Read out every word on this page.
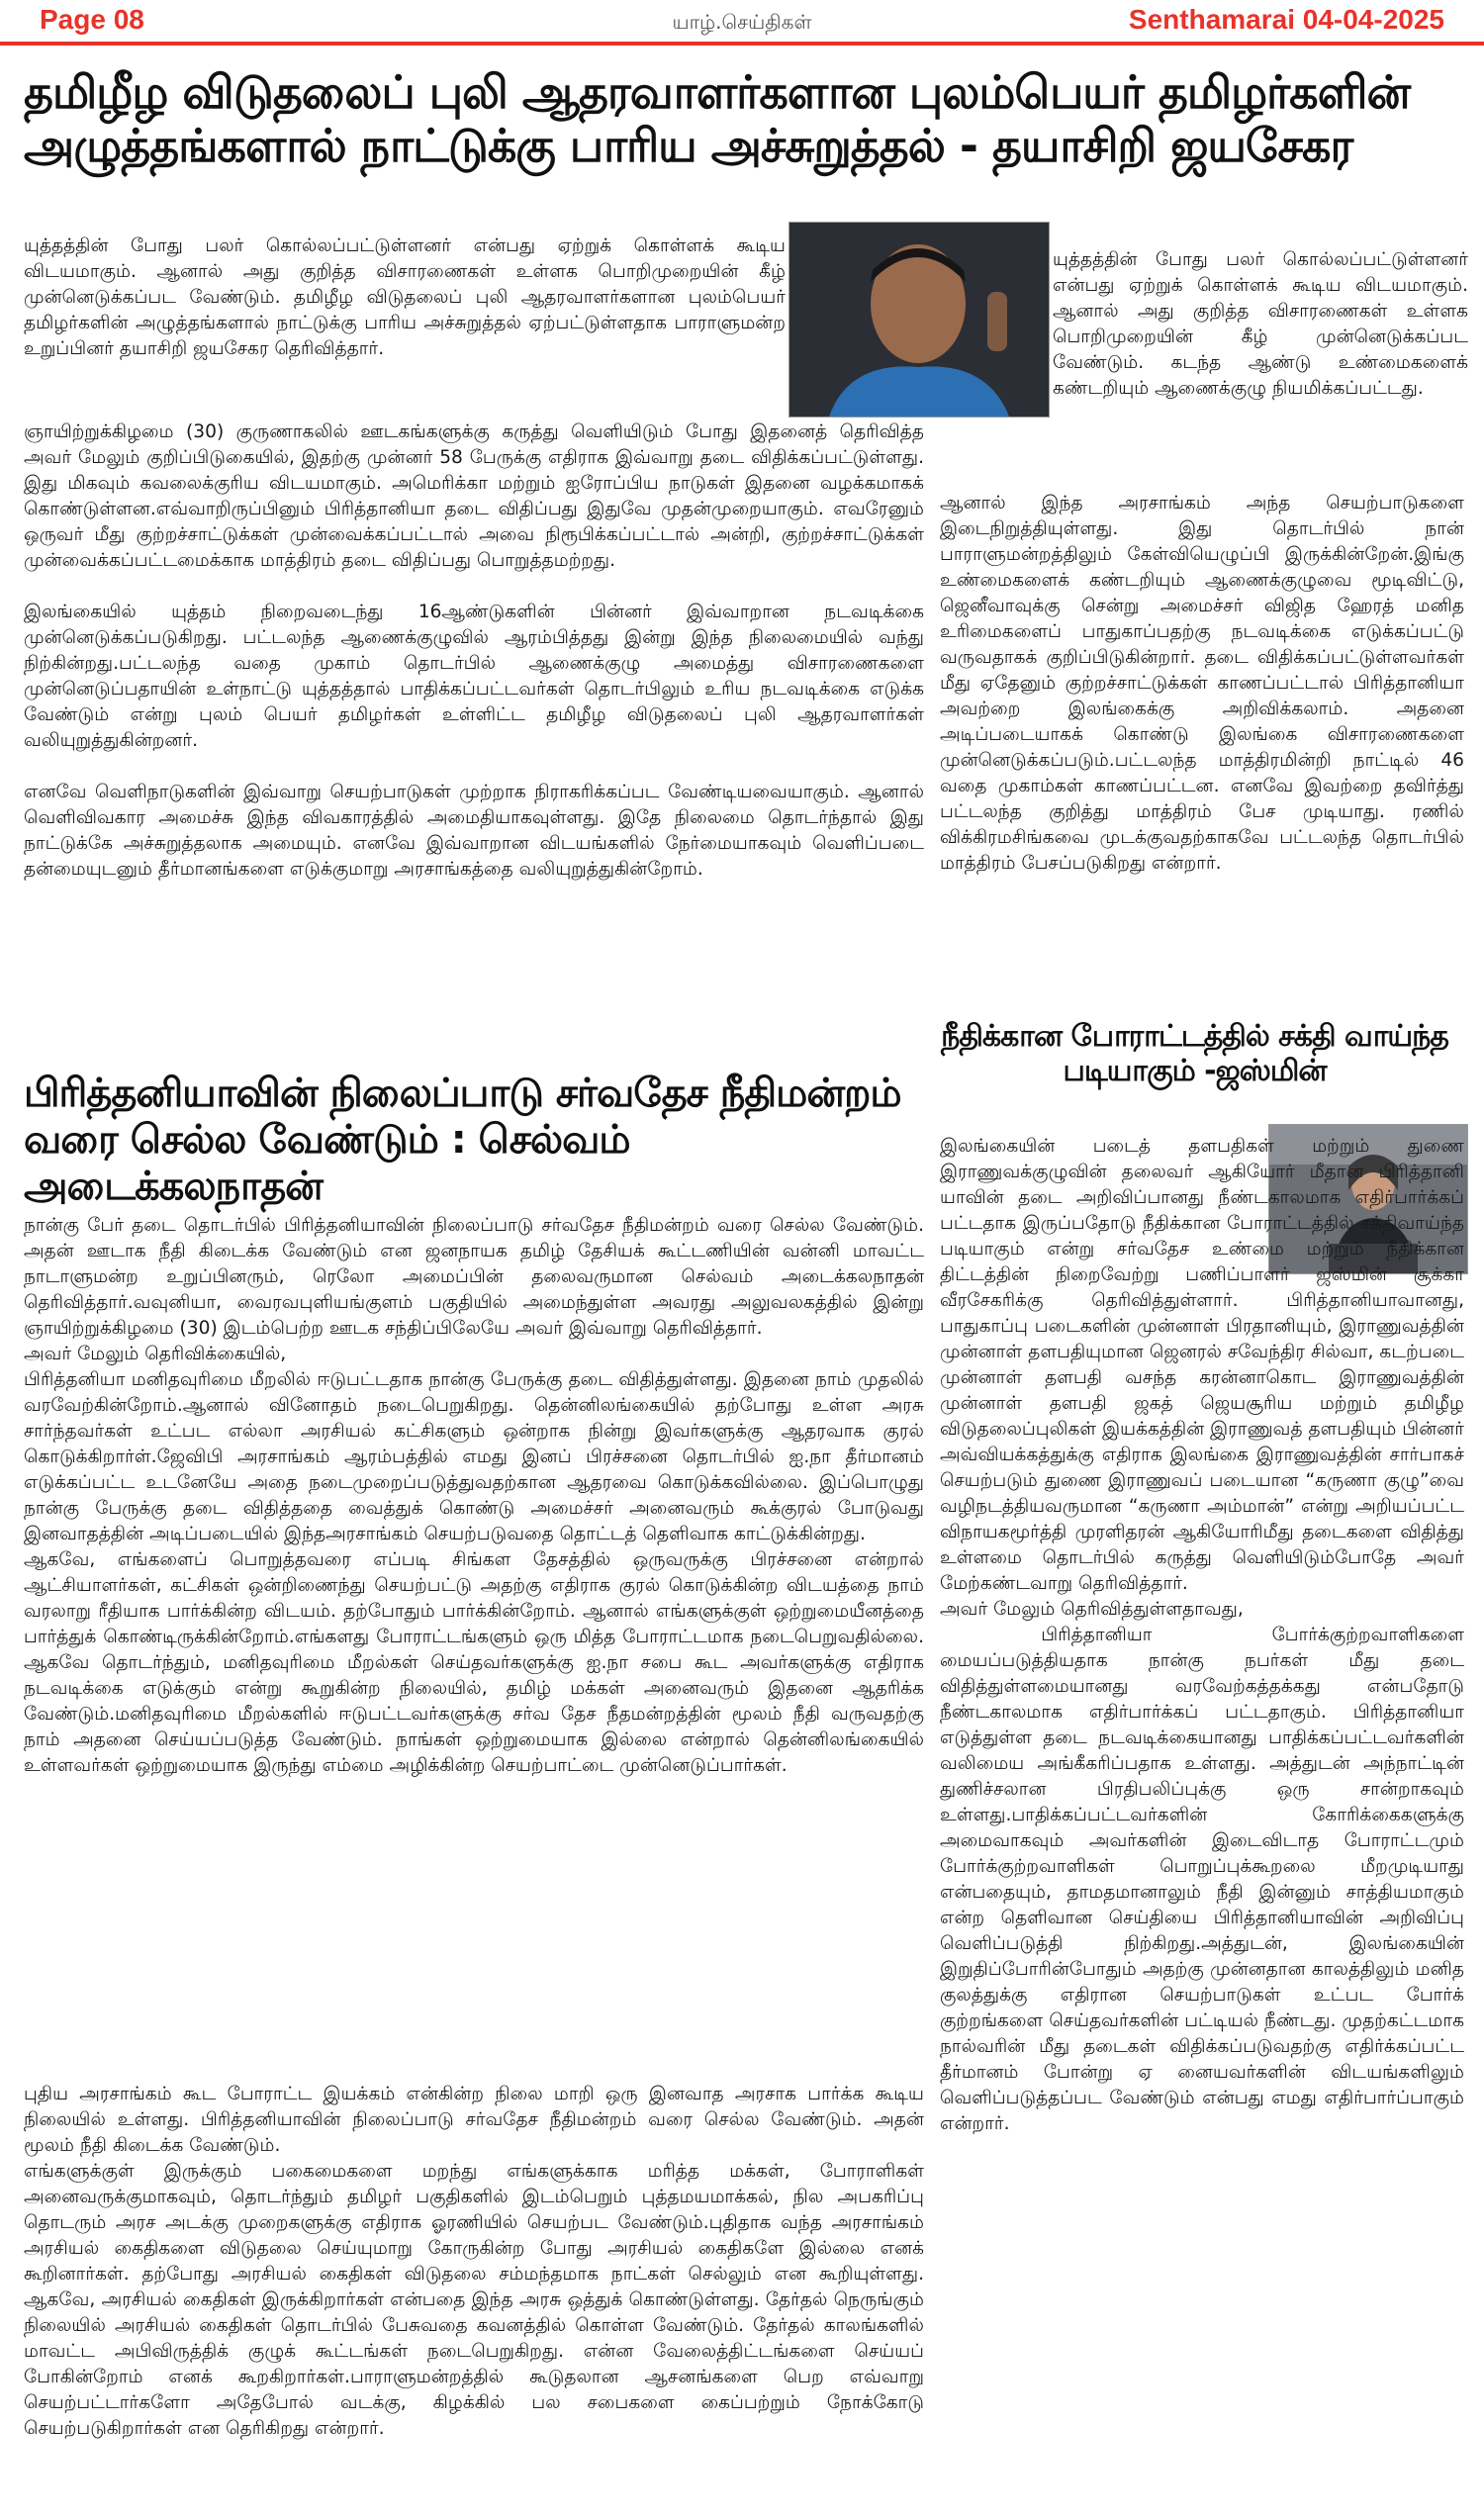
Page 08	யாழ்.செய்திகள்	Senthamarai 04-04-2025
தமிழீழ விடுதலைப் புலி ஆதரவாளர்களான புலம்பெயர் தமிழர்களின் அழுத்தங்களால் நாட்டுக்கு பாரிய அச்சுறுத்தல் - தயாசிறி ஜயசேகர

யுத்தத்தின் போது பலர் கொல்லப்பட்டுள்ளனர் என்பது ஏற்றுக் கொள்ளக் கூடிய விடயமாகும். ஆனால் அது குறித்த விசாரணைகள் உள்ளக பொறிமுறையின் கீழ் முன்னெடுக்கப்பட வேண்டும். தமிழீழ விடுதலைப் புலி ஆதரவாளர்களான புலம்பெயர் தமிழர்களின் அழுத்தங்களால் நாட்டுக்கு பாரிய அச்சுறுத்தல் ஏற்பட்டுள்ளதாக பாராளுமன்ற உறுப்பினர் தயாசிறி ஜயசேகர தெரிவித்தார்.

யுத்தத்தின் போது பலர் கொல்லப்பட்டுள்ளனர் என்பது ஏற்றுக் கொள்ளக் கூடிய விடயமாகும். ஆனால் அது குறித்த விசாரணைகள் உள்ளக பொறிமுறையின் கீழ் முன்னெடுக்கப்பட வேண்டும். கடந்த ஆண்டு உண்மைகளைக் கண்டறியும் ஆணைக்குழு நியமிக்கப்பட்டது.

ஞாயிற்றுக்கிழமை (30) குருணாகலில் ஊடகங்களுக்கு கருத்து வெளியிடும் போது இதனைத் தெரிவித்த அவர் மேலும் குறிப்பிடுகையில், இதற்கு முன்னர் 58 பேருக்கு எதிராக இவ்வாறு தடை விதிக்கப்பட்டுள்ளது. இது மிகவும் கவலைக்குரிய விடயமாகும். அமெரிக்கா மற்றும் ஐரோப்பிய நாடுகள் இதனை வழக்கமாகக் கொண்டுள்ளன.எவ்வாறிருப்பினும் பிரித்தானியா தடை விதிப்பது இதுவே முதன்முறையாகும். எவரேனும் ஒருவர் மீது குற்றச்சாட்டுக்கள் முன்வைக்கப்பட்டால் அவை நிரூபிக்கப்பட்டால் அன்றி, குற்றச்சாட்டுக்கள் முன்வைக்கப்பட்டமைக்காக மாத்திரம் தடை விதிப்பது பொறுத்தமற்றது.

இலங்கையில் யுத்தம் நிறைவடைந்து 16ஆண்டுகளின் பின்னர் இவ்வாறான நடவடிக்கை முன்னெடுக்கப்படுகிறது. பட்டலந்த ஆணைக்குழுவில் ஆரம்பித்தது இன்று இந்த நிலைமையில் வந்து நிற்கின்றது.பட்டலந்த வதை முகாம் தொடர்பில் ஆணைக்குழு அமைத்து விசாரணைகளை முன்னெடுப்பதாயின் உள்நாட்டு யுத்தத்தால் பாதிக்கப்பட்டவர்கள் தொடர்பிலும் உரிய நடவடிக்கை எடுக்க வேண்டும் என்று புலம் பெயர் தமிழர்கள் உள்ளிட்ட தமிழீழ விடுதலைப் புலி ஆதரவாளர்கள் வலியுறுத்துகின்றனர்.

எனவே வெளிநாடுகளின் இவ்வாறு செயற்பாடுகள் முற்றாக நிராகரிக்கப்பட வேண்டியவையாகும். ஆனால் வெளிவிவகார அமைச்சு இந்த விவகாரத்தில் அமைதியாகவுள்ளது. இதே நிலைமை தொடர்ந்தால் இது நாட்டுக்கே அச்சுறுத்தலாக அமையும். எனவே இவ்வாறான விடயங்களில் நேர்மையாகவும் வெளிப்படை தன்மையுடனும் தீர்மானங்களை எடுக்குமாறு அரசாங்கத்தை வலியுறுத்துகின்றோம்.

ஆனால் இந்த அரசாங்கம் அந்த செயற்பாடுகளை இடைநிறுத்தியுள்ளது. இது தொடர்பில் நான் பாராளுமன்றத்திலும் கேள்வியெழுப்பி இருக்கின்றேன்.இங்கு உண்மைகளைக் கண்டறியும் ஆணைக்குழுவை மூடிவிட்டு, ஜெனீவாவுக்கு சென்று அமைச்சர் விஜித ஹேரத் மனித உரிமைகளைப் பாதுகாப்பதற்கு நடவடிக்கை எடுக்கப்பட்டு வருவதாகக் குறிப்பிடுகின்றார். தடை விதிக்கப்பட்டுள்ளவர்கள் மீது ஏதேனும் குற்றச்சாட்டுக்கள் காணப்பட்டால் பிரித்தானியா அவற்றை இலங்கைக்கு அறிவிக்கலாம். அதனை அடிப்படையாகக் கொண்டு இலங்கை விசாரணைகளை முன்னெடுக்கப்படும்.பட்டலந்த மாத்திரமின்றி நாட்டில் 46 வதை முகாம்கள் காணப்பட்டன. எனவே இவற்றை தவிர்த்து பட்டலந்த குறித்து மாத்திரம் பேச முடியாது. ரணில் விக்கிரமசிங்கவை முடக்குவதற்காகவே பட்டலந்த தொடர்பில் மாத்திரம் பேசப்படுகிறது என்றார்.

பிரித்தனியாவின் நிலைப்பாடு சர்வதேச நீதிமன்றம் வரை செல்ல வேண்டும் : செல்வம் அடைக்கலநாதன்

நான்கு பேர் தடை தொடர்பில் பிரித்தனியாவின் நிலைப்பாடு சர்வதேச நீதிமன்றம் வரை செல்ல வேண்டும். அதன் ஊடாக நீதி கிடைக்க வேண்டும் என ஜனநாயக தமிழ் தேசியக் கூட்டணியின் வன்னி மாவட்ட நாடாளுமன்ற உறுப்பினரும், ரெலோ அமைப்பின் தலைவருமான செல்வம் அடைக்கலநாதன் தெரிவித்தார்.வவுனியா, வைரவபுளியங்குளம் பகுதியில் அமைந்துள்ள அவரது அலுவலகத்தில் இன்று ஞாயிற்றுக்கிழமை (30) இடம்பெற்ற ஊடக சந்திப்பிலேயே அவர் இவ்வாறு தெரிவித்தார்.

அவர் மேலும் தெரிவிக்கையில்,

பிரித்தனியா மனிதவுரிமை மீறலில் ஈடுபட்டதாக நான்கு பேருக்கு தடை விதித்துள்ளது. இதனை நாம் முதலில் வரவேற்கின்றோம்.ஆனால் வினோதம் நடைபெறுகிறது. தென்னிலங்கையில் தற்போது உள்ள அரசு சார்ந்தவர்கள் உட்பட எல்லா அரசியல் கட்சிகளும் ஒன்றாக நின்று இவர்களுக்கு ஆதரவாக குரல் கொடுக்கிறார்ள்.ஜேவிபி அரசாங்கம் ஆரம்பத்தில் எமது இனப் பிரச்சனை தொடர்பில் ஐ.நா தீர்மானம் எடுக்கப்பட்ட உடனேயே அதை நடைமுறைப்படுத்துவதற்கான ஆதரவை கொடுக்கவில்லை. இப்பொழுது நான்கு பேருக்கு தடை விதித்ததை வைத்துக் கொண்டு அமைச்சர் அனைவரும் கூக்குரல் போடுவது இனவாதத்தின் அடிப்படையில் இந்தஅரசாங்கம் செயற்படுவதை தொட்டத் தெளிவாக காட்டுக்கின்றது.

ஆகவே, எங்களைப் பொறுத்தவரை எப்படி சிங்கள தேசத்தில் ஒருவருக்கு பிரச்சனை என்றால் ஆட்சியாளர்கள், கட்சிகள் ஒன்றிணைந்து செயற்பட்டு அதற்கு எதிராக குரல் கொடுக்கின்ற விடயத்தை நாம் வரலாறு ரீதியாக பார்க்கின்ற விடயம். தற்போதும் பார்க்கின்றோம். ஆனால் எங்களுக்குள் ஒற்றுமையீனத்தை பார்த்துக் கொண்டிருக்கின்றோம்.எங்களது போராட்டங்களும் ஒரு மித்த போராட்டமாக நடைபெறுவதில்லை. ஆகவே தொடர்ந்தும், மனிதவுரிமை மீறல்கள் செய்தவர்களுக்கு ஐ.நா சபை கூட அவர்களுக்கு எதிராக நடவடிக்கை எடுக்கும் என்று கூறுகின்ற நிலையில், தமிழ் மக்கள் அனைவரும் இதனை ஆதரிக்க வேண்டும்.மனிதவுரிமை மீறல்களில் ஈடுபட்டவர்களுக்கு சர்வ தேச நீதமன்றத்தின் மூலம் நீதி வருவதற்கு நாம் அதனை செய்யப்படுத்த வேண்டும். நாங்கள் ஒற்றுமையாக இல்லை என்றால் தென்னிலங்கையில் உள்ளவர்கள் ஒற்றுமையாக இருந்து எம்மை அழிக்கின்ற செயற்பாட்டை முன்னெடுப்பார்கள்.

புதிய அரசாங்கம் கூட போராட்ட இயக்கம் என்கின்ற நிலை மாறி ஒரு இனவாத அரசாக பார்க்க கூடிய நிலையில் உள்ளது. பிரித்தனியாவின் நிலைப்பாடு சர்வதேச நீதிமன்றம் வரை செல்ல வேண்டும். அதன் மூலம் நீதி கிடைக்க வேண்டும்.

எங்களுக்குள் இருக்கும் பகைமைகளை மறந்து எங்களுக்காக மரித்த மக்கள், போராளிகள் அனைவருக்குமாகவும், தொடர்ந்தும் தமிழர் பகுதிகளில் இடம்பெறும் புத்தமயமாக்கல், நில அபகரிப்பு தொடரும் அரச அடக்கு முறைகளுக்கு எதிராக ஓரணியில் செயற்பட வேண்டும்.புதிதாக வந்த அரசாங்கம் அரசியல் கைதிகளை விடுதலை செய்யுமாறு கோருகின்ற போது அரசியல் கைதிகளே இல்லை எனக் கூறினார்கள். தற்போது அரசியல் கைதிகள் விடுதலை சம்மந்தமாக நாட்கள் செல்லும் என கூறியுள்ளது. ஆகவே, அரசியல் கைதிகள் இருக்கிறார்கள் என்பதை இந்த அரசு ஒத்துக் கொண்டுள்ளது. தேர்தல் நெருங்கும் நிலையில் அரசியல் கைதிகள் தொடர்பில் பேசுவதை கவனத்தில் கொள்ள வேண்டும். தேர்தல் காலங்களில் மாவட்ட அபிவிருத்திக் குழுக் கூட்டங்கள் நடைபெறுகிறது. என்ன வேலைத்திட்டங்களை செய்யப் போகின்றோம் எனக் கூறகிறார்கள்.பாராளுமன்றத்தில் கூடுதலான ஆசனங்களை பெற எவ்வாறு செயற்பட்டார்களோ அதேபோல் வடக்கு, கிழக்கில் பல சபைகளை கைப்பற்றும் நோக்கோடு செயற்படுகிறார்கள் என தெரிகிறது என்றார்.

நீதிக்கான போராட்டத்தில் சக்தி வாய்ந்த படியாகும் -ஜஸ்மின்

இலங்கையின் படைத் தளபதிகள் மற்றும் துணை இராணுவக்குழுவின் தலைவர் ஆகியோர் மீதான பிரித்தானி யாவின் தடை அறிவிப்பானது நீண்டகாலமாக எதிர்பார்க்கப் பட்டதாக இருப்பதோடு நீதிக்கான போராட்டத்தில் சக்திவாய்ந்த படியாகும் என்று சர்வதேச உண்மை மற்றும் நீதிக்கான திட்டத்தின் நிறைவேற்று பணிப்பாளர் ஜஸ்மின் சூக்கா வீரசேகரிக்கு தெரிவித்துள்ளார். பிரித்தானியாவானது, பாதுகாப்பு படைகளின் முன்னாள் பிரதானியும், இராணுவத்தின் முன்னாள் தளபதியுமான ஜெனரல் சவேந்திர சில்வா, கடற்படை முன்னாள் தளபதி வசந்த கரன்னாகொட இராணுவத்தின் முன்னாள் தளபதி ஜகத் ஜெயசூரிய மற்றும் தமிழீழ விடுதலைப்புலிகள் இயக்கத்தின் இராணுவத் தளபதியும் பின்னர் அவ்வியக்கத்துக்கு எதிராக இலங்கை இராணுவத்தின் சார்பாகச் செயற்படும் துணை இராணுவப் படையான “கருணா குழு”வை வழிநடத்தியவருமான “கருணா அம்மான்” என்று அறியப்பட்ட விநாயகமூர்த்தி முரளிதரன் ஆகியோரிமீது தடைகளை விதித்து உள்ளமை தொடர்பில் கருத்து வெளியிடும்போதே அவர் மேற்கண்டவாறு தெரிவித்தார்.

அவர் மேலும் தெரிவித்துள்ளதாவது,

பிரித்தானியா போர்க்குற்றவாளிகளை மையப்படுத்தியதாக நான்கு நபர்கள் மீது தடை விதித்துள்ளமையானது வரவேற்கத்தக்கது என்பதோடு நீண்டகாலமாக எதிர்பார்க்கப் பட்டதாகும். பிரித்தானியா எடுத்துள்ள தடை நடவடிக்கையானது பாதிக்கப்பட்டவர்களின் வலிமைய அங்கீகரிப்பதாக உள்ளது. அத்துடன் அந்நாட்டின் துணிச்சலான பிரதிபலிப்புக்கு ஒரு சான்றாகவும் உள்ளது.பாதிக்கப்பட்டவர்களின் கோரிக்கைகளுக்கு அமைவாகவும் அவர்களின் இடைவிடாத போராட்டமும் போர்க்குற்றவாளிகள் பொறுப்புக்கூறலை மீறமுடியாது என்பதையும், தாமதமானாலும் நீதி இன்னும் சாத்தியமாகும் என்ற தெளிவான செய்தியை பிரித்தானியாவின் அறிவிப்பு வெளிப்படுத்தி நிற்கிறது.அத்துடன், இலங்கையின் இறுதிப்போரின்போதும் அதற்கு முன்னதான காலத்திலும் மனித குலத்துக்கு எதிரான செயற்பாடுகள் உட்பட போர்க் குற்றங்களை செய்தவர்களின் பட்டியல் நீண்டது. முதற்கட்டமாக நால்வரின் மீது தடைகள் விதிக்கப்படுவதற்கு எதிர்க்கப்பட்ட தீர்மானம் போன்று ஏ னையவர்களின் விடயங்களிலும் வெளிப்படுத்தப்பட வேண்டும் என்பது எமது எதிர்பார்ப்பாகும் என்றார்.
